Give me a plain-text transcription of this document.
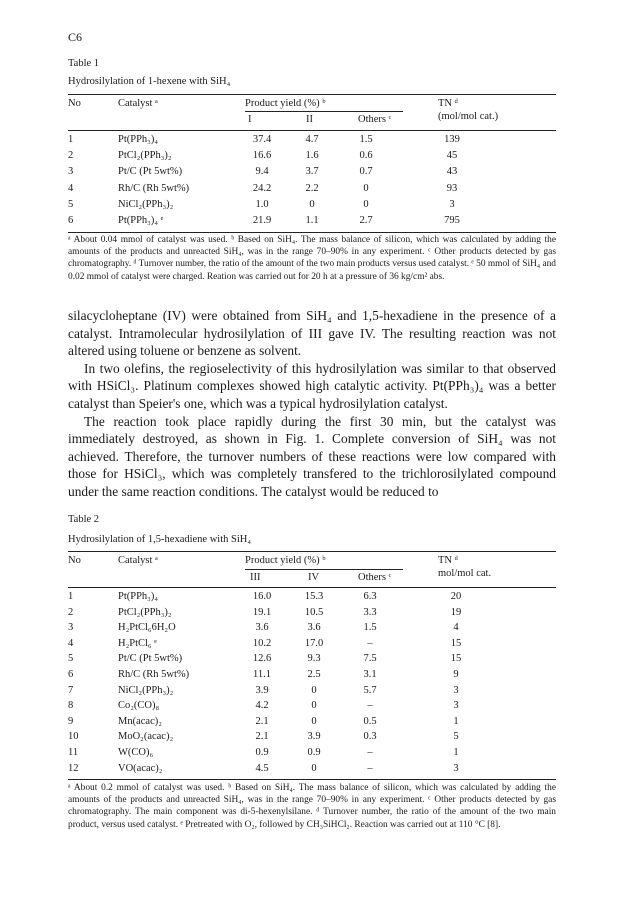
C6
Table 1
Hydrosilylation of 1-hexene with SiH₄
No	Catalyst ᵃ	Product yield (%) ᵇ	TN ᵈ
I	II	Others ᶜ	(mol/mol cat.)
1	Pt(PPh₃)₄	37.4	4.7	1.5	139
2	PtCl₂(PPh₃)₂	16.6	1.6	0.6	45
3	Pt/C (Pt 5wt%)	9.4	3.7	0.7	43
4	Rh/C (Rh 5wt%)	24.2	2.2	0	93
5	NiCl₂(PPh₃)₂	1.0	0	0	3
6	Pt(PPh₃)₄ ᵉ	21.9	1.1	2.7	795
ᵃ About 0.04 mmol of catalyst was used. ᵇ Based on SiH₄. The mass balance of silicon, which was calculated by adding the amounts of the products and unreacted SiH₄, was in the range 70–90% in any experiment. ᶜ Other products detected by gas chromatography. ᵈ Turnover number, the ratio of the amount of the two main products versus used catalyst. ᵉ 50 mmol of SiH₄ and 0.02 mmol of catalyst were charged. Reation was carried out for 20 h at a pressure of 36 kg/cm² abs.

silacycloheptane (IV) were obtained from SiH₄ and 1,5-hexadiene in the presence of a catalyst. Intramolecular hydrosilylation of III gave IV. The resulting reaction was not altered using toluene or benzene as solvent.

In two olefins, the regioselectivity of this hydrosilylation was similar to that observed with HSiCl₃. Platinum complexes showed high catalytic activity. Pt(PPh₃)₄ was a better catalyst than Speier's one, which was a typical hydrosilylation catalyst.

The reaction took place rapidly during the first 30 min, but the catalyst was immediately destroyed, as shown in Fig. 1. Complete conversion of SiH₄ was not achieved. Therefore, the turnover numbers of these reactions were low compared with those for HSiCl₃, which was completely transfered to the trichlorosilylated compound under the same reaction conditions. The catalyst would be reduced to

Table 2
Hydrosilylation of 1,5-hexadiene with SiH₄
No	Catalyst ᵃ	Product yield (%) ᵇ	TN ᵈ
III	IV	Others ᶜ	mol/mol cat.
1	Pt(PPh₃)₄	16.0	15.3	6.3	20
2	PtCl₂(PPh₃)₂	19.1	10.5	3.3	19
3	H₂PtCl₆6H₂O	3.6	3.6	1.5	4
4	H₂PtCl₆ ᵉ	10.2	17.0	–	15
5	Pt/C (Pt 5wt%)	12.6	9.3	7.5	15
6	Rh/C (Rh 5wt%)	11.1	2.5	3.1	9
7	NiCl₂(PPh₃)₂	3.9	0	5.7	3
8	Co₂(CO)₈	4.2	0	–	3
9	Mn(acac)₂	2.1	0	0.5	1
10	MoO₂(acac)₂	2.1	3.9	0.3	5
11	W(CO)₆	0.9	0.9	–	1
12	VO(acac)₂	4.5	0	–	3
ᵃ About 0.2 mmol of catalyst was used. ᵇ Based on SiH₄. The mass balance of silicon, which was calculated by adding the amounts of the products and unreacted SiH₄, was in the range 70–90% in any experiment. ᶜ Other products detected by gas chromatography. The main component was di-5-hexenylsilane. ᵈ Turnover number, the ratio of the amount of the two main product, versus used catalyst. ᵉ Pretreated with O₂, followed by CH₃SiHCl₂. Reaction was carried out at 110 °C [8].
